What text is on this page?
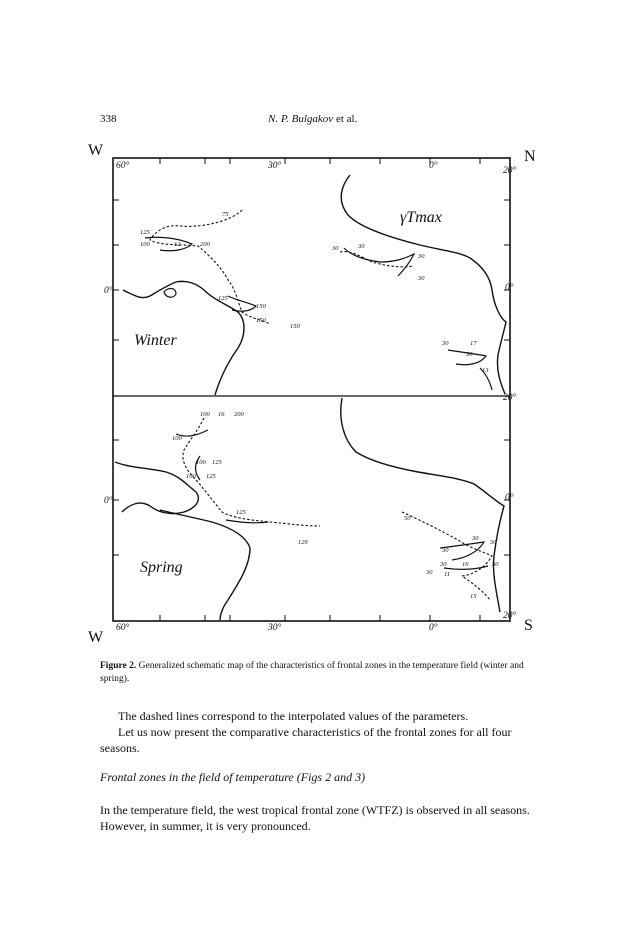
338	N. P. Bulgakov et al.
W
W
N
S
60°	30°	0°	20°
60°	30°	0°
20°
0°
0°
0°
20°
0°
γTmax
Winter
Spring
75
125
100	12	200
125
150
150
150
30	30
30
30
30	17
30
13
100 16 200
100
100 125
100 125
125
126
50
30
30
30
30 16
30 11
15
30
Figure 2. Generalized schematic map of the characteristics of frontal zones in the temperature field (winter and spring).
The dashed lines correspond to the interpolated values of the parameters.
Let us now present the comparative characteristics of the frontal zones for all four seasons.
Frontal zones in the field of temperature (Figs 2 and 3)
In the temperature field, the west tropical frontal zone (WTFZ) is observed in all seasons. However, in summer, it is very pronounced.
